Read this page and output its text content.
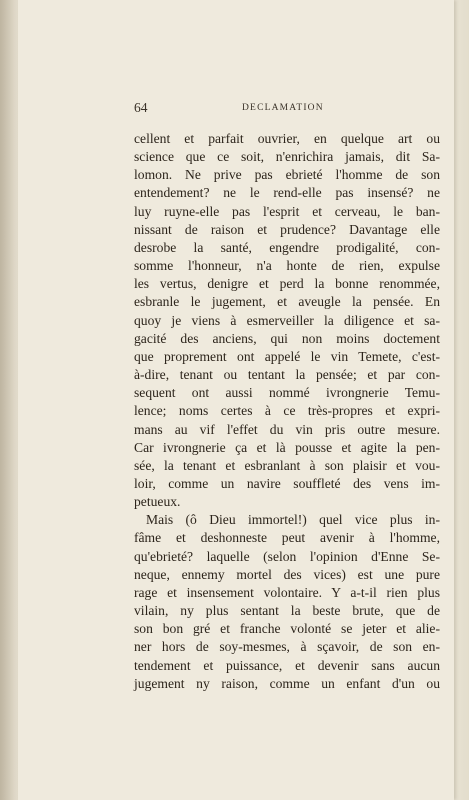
64	DECLAMATION
cellent et parfait ouvrier, en quelque art ou
science que ce soit, n'enrichira jamais, dit Sa-
lomon. Ne prive pas ebrieté l'homme de son
entendement? ne le rend-elle pas insensé? ne
luy ruyne-elle pas l'esprit et cerveau, le ban-
nissant de raison et prudence? Davantage elle
desrobe la santé, engendre prodigalité, con-
somme l'honneur, n'a honte de rien, expulse
les vertus, denigre et perd la bonne renommée,
esbranle le jugement, et aveugle la pensée. En
quoy je viens à esmerveiller la diligence et sa-
gacité des anciens, qui non moins doctement
que proprement ont appelé le vin Temete, c'est-
à-dire, tenant ou tentant la pensée; et par con-
sequent ont aussi nommé ivrongnerie Temu-
lence; noms certes à ce très-propres et expri-
mans au vif l'effet du vin pris outre mesure.
Car ivrongnerie ça et là pousse et agite la pen-
sée, la tenant et esbranlant à son plaisir et vou-
loir, comme un navire soufflеté des vens im-
petueux.
Mais (ô Dieu immortel!) quel vice plus in-
fâme et deshonneste peut avenir à l'homme,
qu'ebrieté? laquelle (selon l'opinion d'Enne Se-
neque, ennemy mortel des vices) est une pure
rage et insensement volontaire. Y a-t-il rien plus
vilain, ny plus sentant la beste brute, que de
son bon gré et franche volonté se jeter et alie-
ner hors de soy-mesmes, à sçavoir, de son en-
tendement et puissance, et devenir sans aucun
jugement ny raison, comme un enfant d'un ou
